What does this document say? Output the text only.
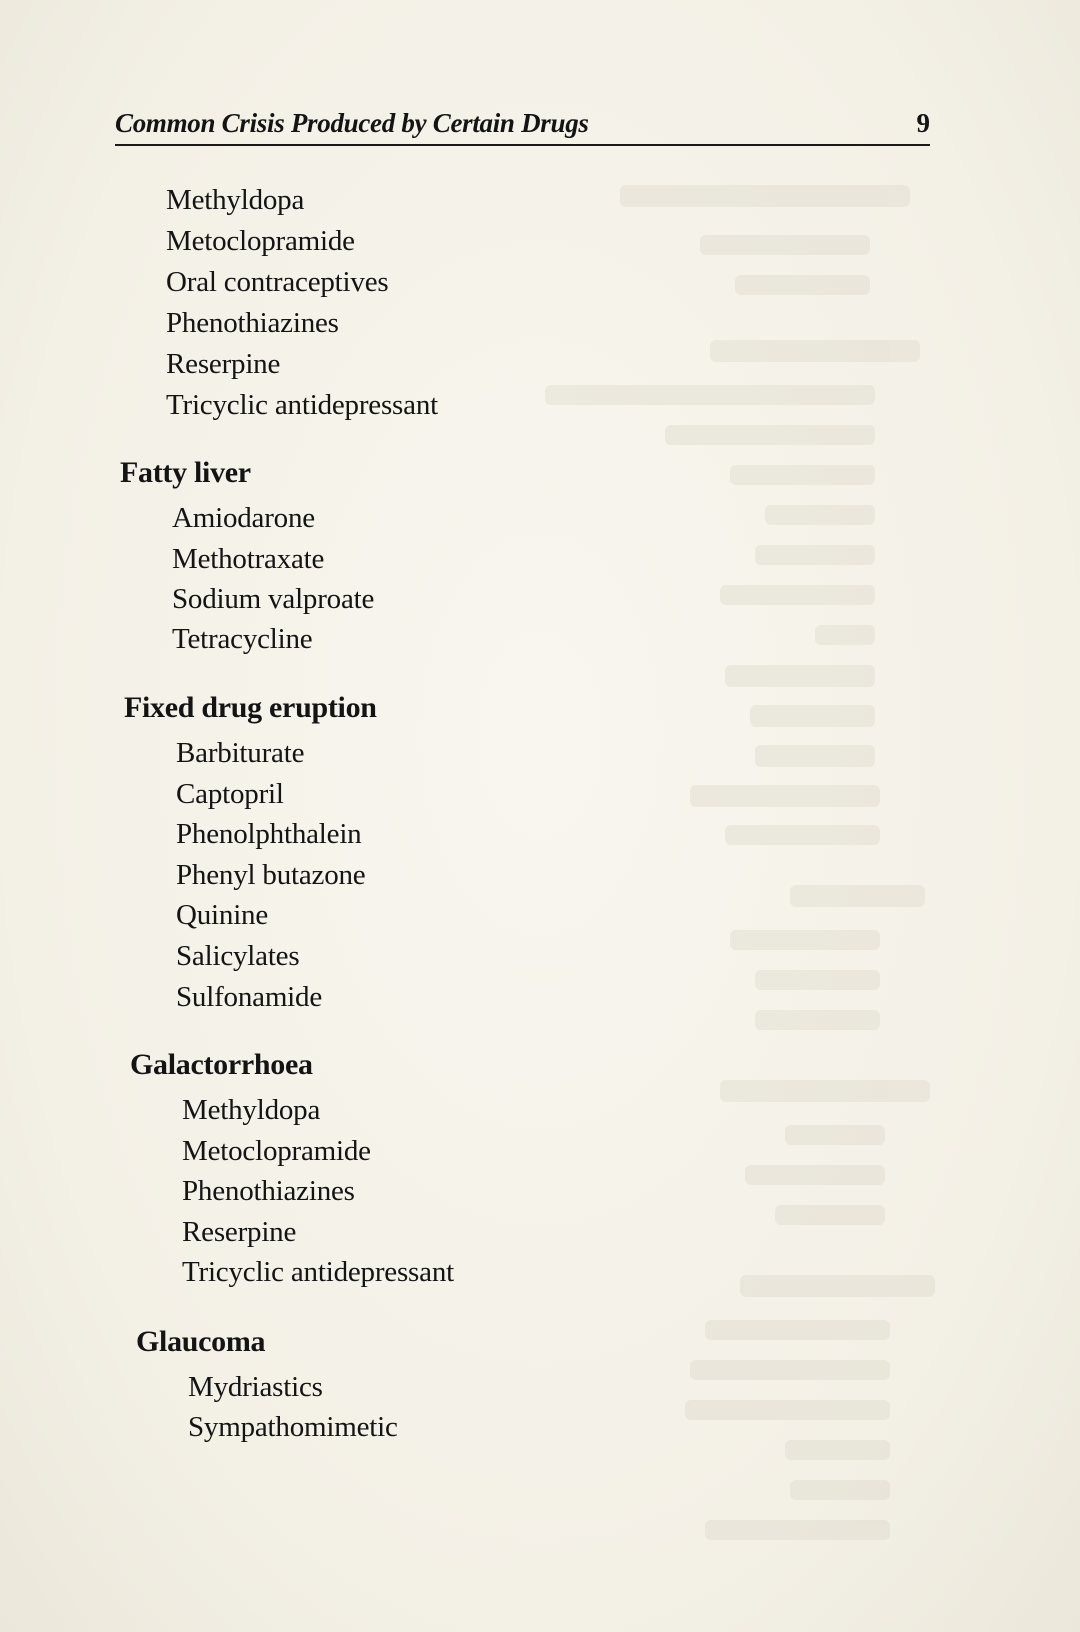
Common Crisis Produced by Certain Drugs	9
Methyldopa
Metoclopramide
Oral contraceptives
Phenothiazines
Reserpine
Tricyclic antidepressant
Fatty liver
Amiodarone
Methotraxate
Sodium valproate
Tetracycline
Fixed drug eruption
Barbiturate
Captopril
Phenolphthalein
Phenyl butazone
Quinine
Salicylates
Sulfonamide
Galactorrhoea
Methyldopa
Metoclopramide
Phenothiazines
Reserpine
Tricyclic antidepressant
Glaucoma
Mydriastics
Sympathomimetic
